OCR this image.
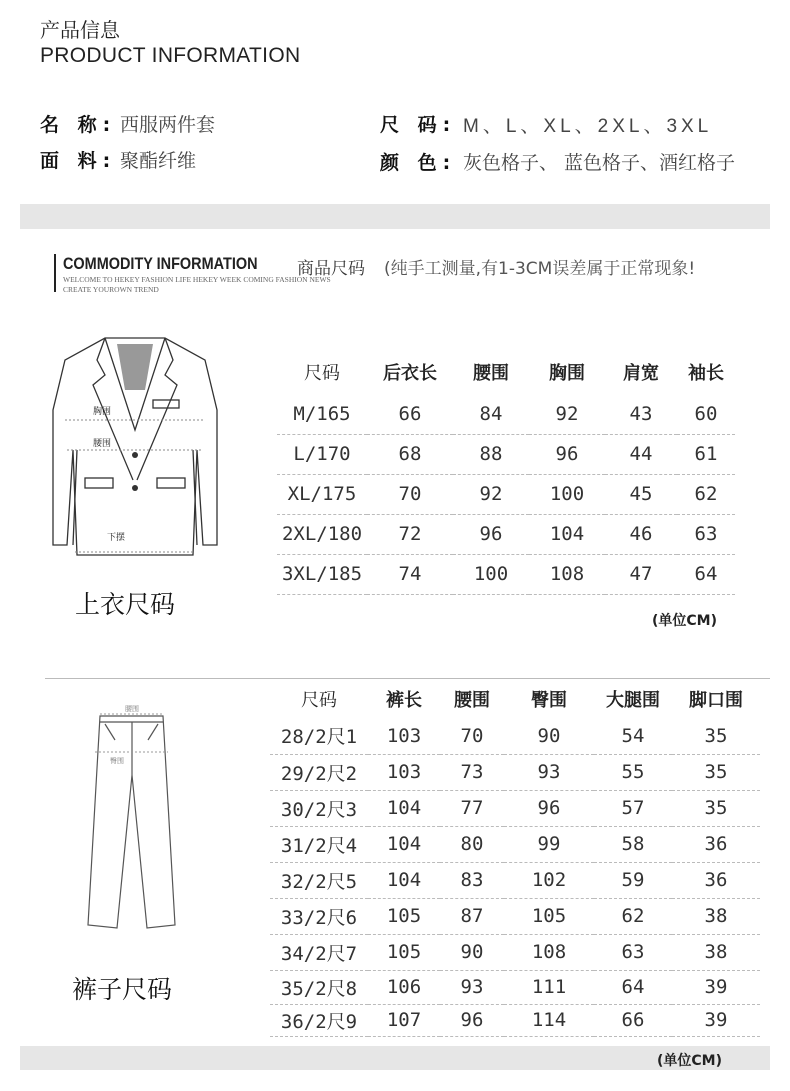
产品信息
PRODUCT INFORMATION
名 称: 西服两件套	尺 码: M、L、XL、2XL、3XL
面 料: 聚酯纤维	颜 色: 灰色格子、 蓝色格子、酒红格子
COMMODITY INFORMATION 商品尺码 (纯手工测量,有1-3CM误差属于正常现象!
WELCOME TO HEKEY FASHION LIFE HEKEY WEEK COMING FASHION NEWS
CREATE YOUROWN TREND
胸围
腰围
下摆
上衣尺码
尺码	后衣长	腰围	胸围	肩宽	袖长
M/165	66	84	92	43	60
L/170	68	88	96	44	61
XL/175	70	92	100	45	62
2XL/180	72	96	104	46	63
3XL/185	74	100	108	47	64
(单位CM)
腰围
臀围
裤子尺码
尺码	裤长	腰围	臀围	大腿围	脚口围
28/2尺1	103	70	90	54	35
29/2尺2	103	73	93	55	35
30/2尺3	104	77	96	57	35
31/2尺4	104	80	99	58	36
32/2尺5	104	83	102	59	36
33/2尺6	105	87	105	62	38
34/2尺7	105	90	108	63	38
35/2尺8	106	93	111	64	39
36/2尺9	107	96	114	66	39
(单位CM)
